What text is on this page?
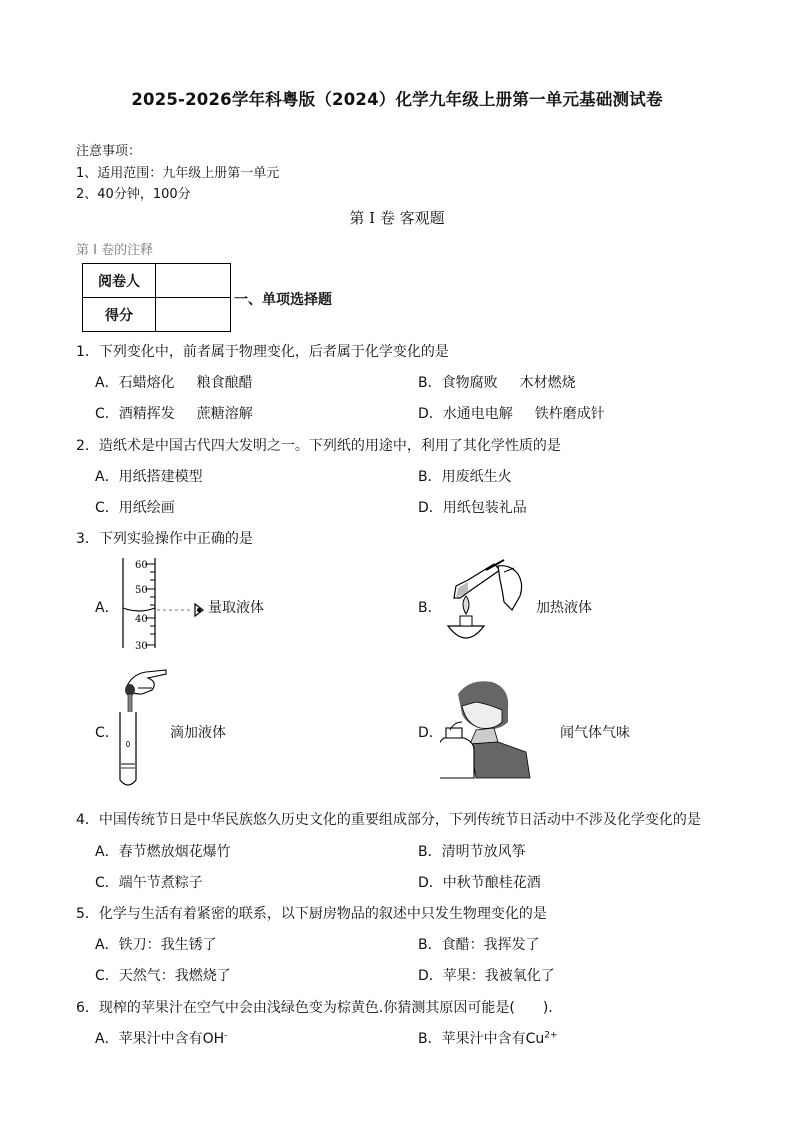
2025-2026学年科粤版（2024）化学九年级上册第一单元基础测试卷
注意事项：
1、适用范围：九年级上册第一单元
2、40分钟，100分
第 I 卷 客观题
第 I 卷的注释
阅卷人	
得分	
一、单项选择题
1．下列变化中，前者属于物理变化，后者属于化学变化的是
A．石蜡熔化 粮食酿醋	B．食物腐败 木材燃烧
C．酒精挥发 蔗糖溶解	D．水通电电解 铁杵磨成针
2．造纸术是中国古代四大发明之一。下列纸的用途中，利用了其化学性质的是
A．用纸搭建模型	B．用废纸生火
C．用纸绘画	D．用纸包装礼品
3．下列实验操作中正确的是
A．
60
50
40
30
量取液体	B．	加热液体
C．	滴加液体	D．	闻气体气味
4．中国传统节日是中华民族悠久历史文化的重要组成部分，下列传统节日活动中不涉及化学变化的是
A．春节燃放烟花爆竹	B．清明节放风筝
C．端午节煮粽子	D．中秋节酿桂花酒
5．化学与生活有着紧密的联系，以下厨房物品的叙述中只发生物理变化的是
A．铁刀：我生锈了	B．食醋：我挥发了
C．天然气：我燃烧了	D．苹果：我被氧化了
6．现榨的苹果汁在空气中会由浅绿色变为棕黄色.你猜测其原因可能是(　　).
A．苹果汁中含有OH-	B．苹果汁中含有$Cu^{2+}$
